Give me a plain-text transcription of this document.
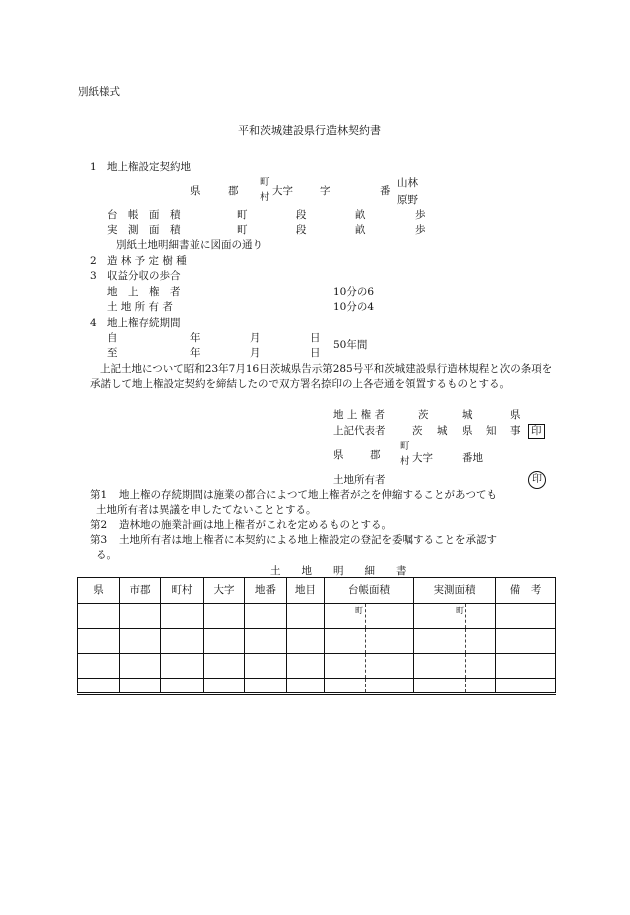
別紙様式
平和茨城建設県行造林契約書
1 地上権設定契約地
県	郡
町
村
大字	字	番
山林
原野
台　帳　面　積	町	段	畝	歩
実　測　面　積	町	段	畝	歩
別紙土地明細書並に図面の通り
2 造 林 予 定 樹 種
3 収益分収の歩合
地　上　権　者	10分の6
土 地 所 有 者	10分の4
4 地上権存続期間
自	年	月	日
至	年	月	日
50年間
上記土地について昭和23年7月16日茨城県告示第285号平和茨城建設県行造林規程と次の条項を承諾して地上権設定契約を締結したので双方署名捺印の上各壱通を領置するものとする。
地 上 権 者	茨	城	県
上記代表者	茨 城 県 知 事 印
県	郡
町
村 大字	番地
土地所有者	印
第1 地上権の存続期間は施業の都合によつて地上権者が之を伸縮することがあつても
土地所有者は異議を申したてないこととする。
第2 造林地の施業計画は地上権者がこれを定めるものとする。
第3 土地所有者は地上権者に本契約による地上権設定の登記を委嘱することを承認す
る。
土　　地　　明　　細　　書
県	市郡	町村	大字	地番	地目	台帳面積	実測面積	備　考

						町	町	
